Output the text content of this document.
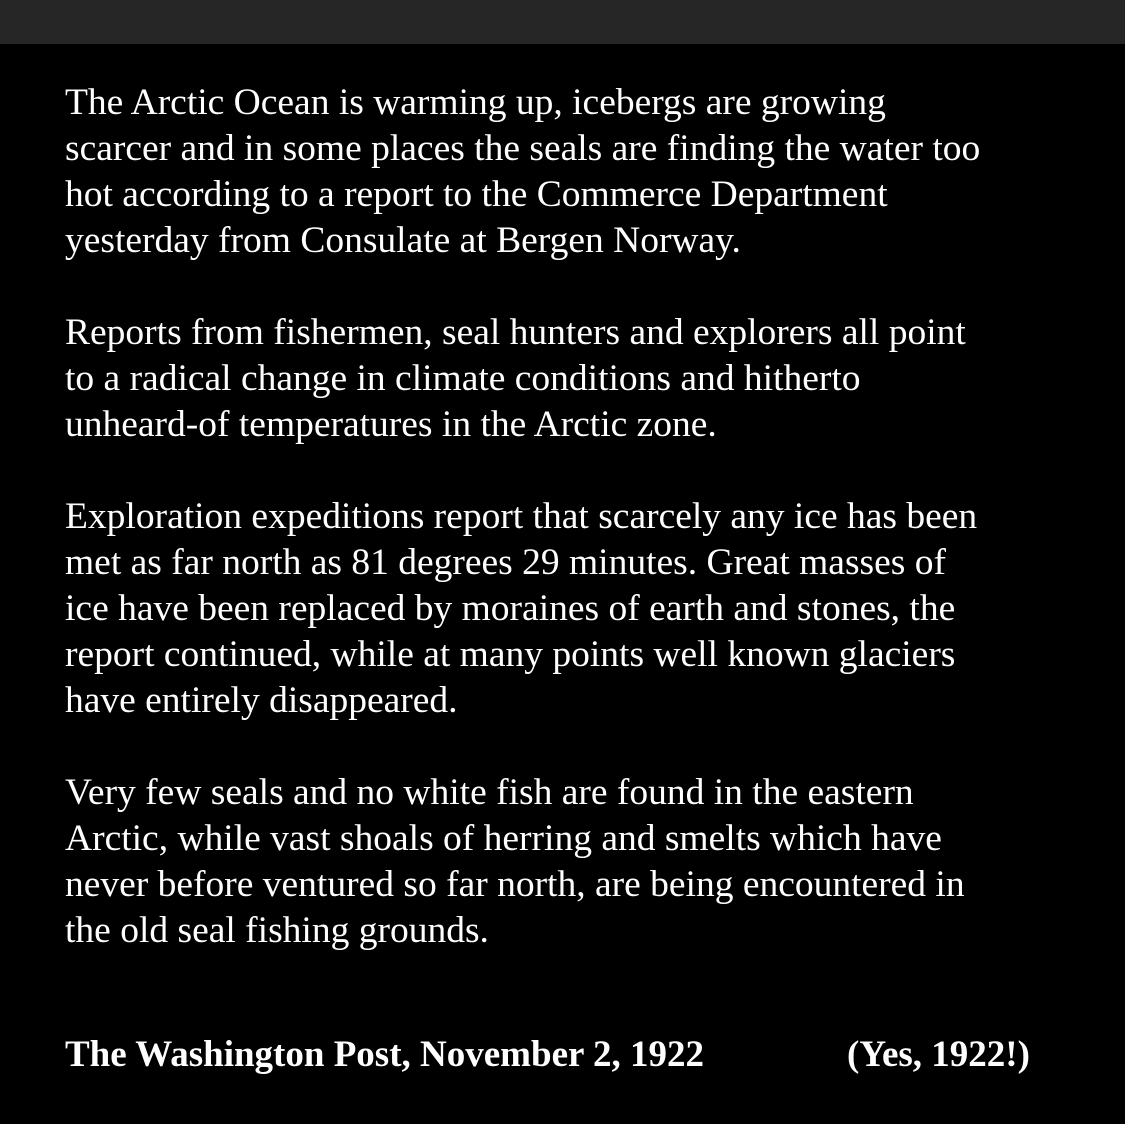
The Arctic Ocean is warming up, icebergs are growing
scarcer and in some places the seals are finding the water too
hot according to a report to the Commerce Department
yesterday from Consulate at Bergen Norway.

Reports from fishermen, seal hunters and explorers all point
to a radical change in climate conditions and hitherto
unheard-of temperatures in the Arctic zone.

Exploration expeditions report that scarcely any ice has been
met as far north as 81 degrees 29 minutes. Great masses of
ice have been replaced by moraines of earth and stones, the
report continued, while at many points well known glaciers
have entirely disappeared.

Very few seals and no white fish are found in the eastern
Arctic, while vast shoals of herring and smelts which have
never before ventured so far north, are being encountered in
the old seal fishing grounds.

The Washington Post, November 2, 1922	(Yes, 1922!)
